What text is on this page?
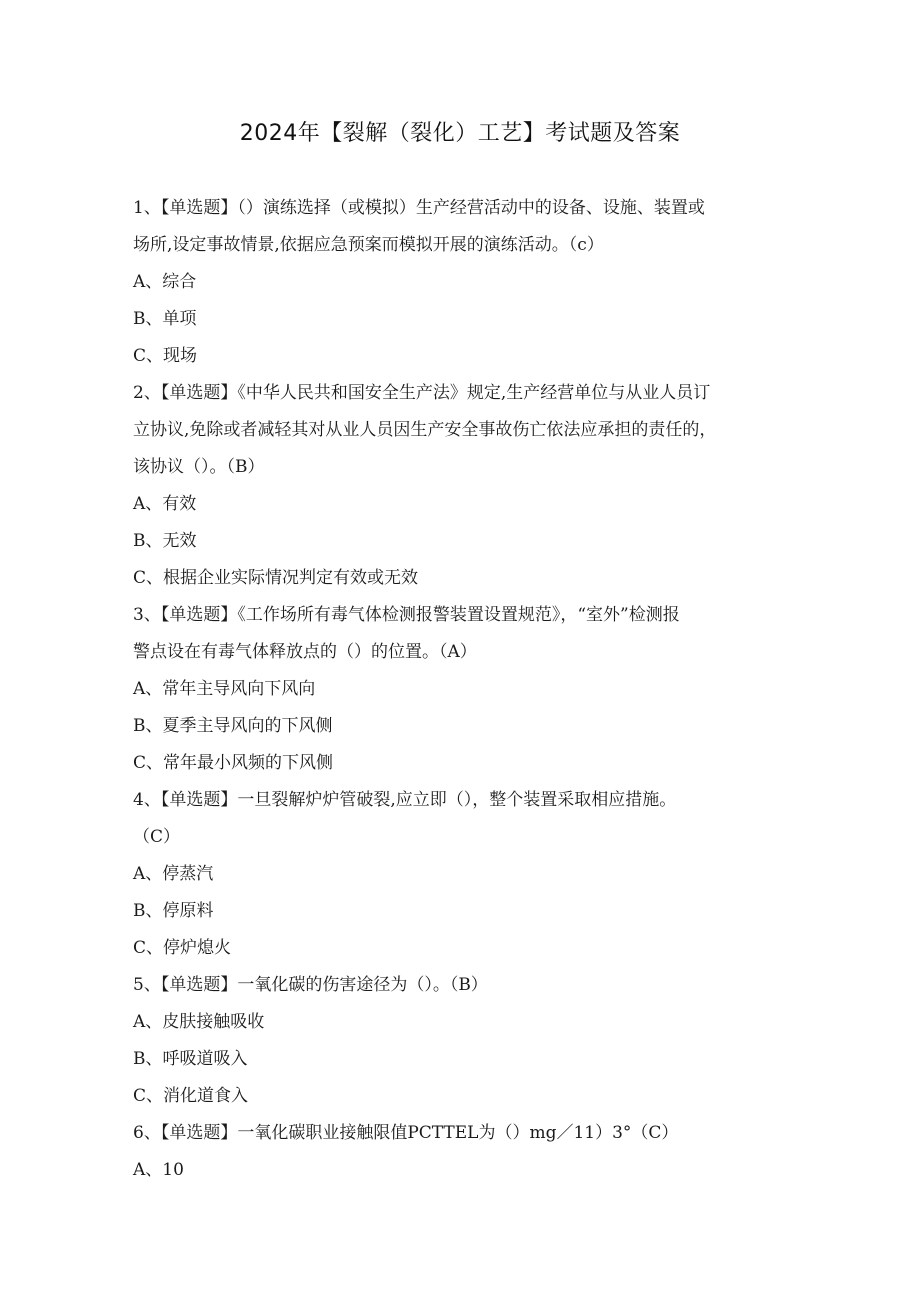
2024年【裂解（裂化）工艺】考试题及答案

1、【单选题】（）演练选择（或模拟）生产经营活动中的设备、设施、装置或

场所,设定事故情景,依据应急预案而模拟开展的演练活动。（c）

A、综合

B、单项

C、现场

2、【单选题】《中华人民共和国安全生产法》规定,生产经营单位与从业人员订

立协议,免除或者减轻其对从业人员因生产安全事故伤亡依法应承担的责任的，

该协议（）。（B）

A、有效

B、无效

C、根据企业实际情况判定有效或无效

3、【单选题】《工作场所有毒气体检测报警装置设置规范》，“室外”检测报

警点设在有毒气体释放点的（）的位置。（A）

A、常年主导风向下风向

B、夏季主导风向的下风侧

C、常年最小风频的下风侧

4、【单选题】一旦裂解炉炉管破裂,应立即（），整个装置采取相应措施。

（C）

A、停蒸汽

B、停原料

C、停炉熄火

5、【单选题】一氧化碳的伤害途径为（）。（B）

A、皮肤接触吸收

B、呼吸道吸入

C、消化道食入

6、【单选题】一氧化碳职业接触限值PCTTEL为（）mg／11）3°（C）

A、10
